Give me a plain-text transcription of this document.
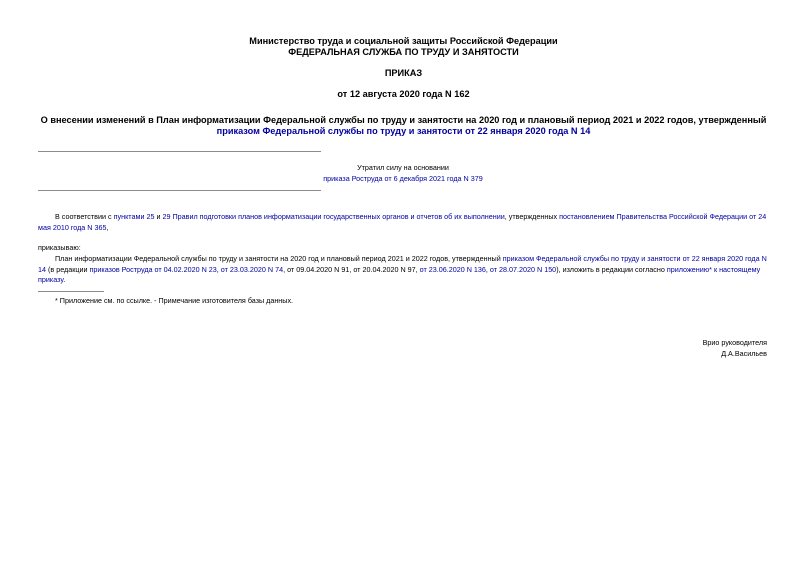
Министерство труда и социальной защиты Российской Федерации
ФЕДЕРАЛЬНАЯ СЛУЖБА ПО ТРУДУ И ЗАНЯТОСТИ
ПРИКАЗ
от 12 августа 2020 года N 162
О внесении изменений в План информатизации Федеральной службы по труду и занятости на 2020 год и плановый период 2021 и 2022 годов, утвержденный приказом Федеральной службы по труду и занятости от 22 января 2020 года N 14
Утратил силу на основании
приказа Роструда от 6 декабря 2021 года N 379
В соответствии с пунктами 25 и 29 Правил подготовки планов информатизации государственных органов и отчетов об их выполнении, утвержденных постановлением Правительства Российской Федерации от 24 мая 2010 года N 365,
приказываю:
План информатизации Федеральной службы по труду и занятости на 2020 год и плановый период 2021 и 2022 годов, утвержденный приказом Федеральной службы по труду и занятости от 22 января 2020 года N 14 (в редакции приказов Роструда от 04.02.2020 N 23, от 23.03.2020 N 74, от 09.04.2020 N 91, от 20.04.2020 N 97, от 23.06.2020 N 136, от 28.07.2020 N 150), изложить в редакции согласно приложению* к настоящему приказу.
* Приложение см. по ссылке. - Примечание изготовителя базы данных.
Врио руководителя
Д.А.Васильев
